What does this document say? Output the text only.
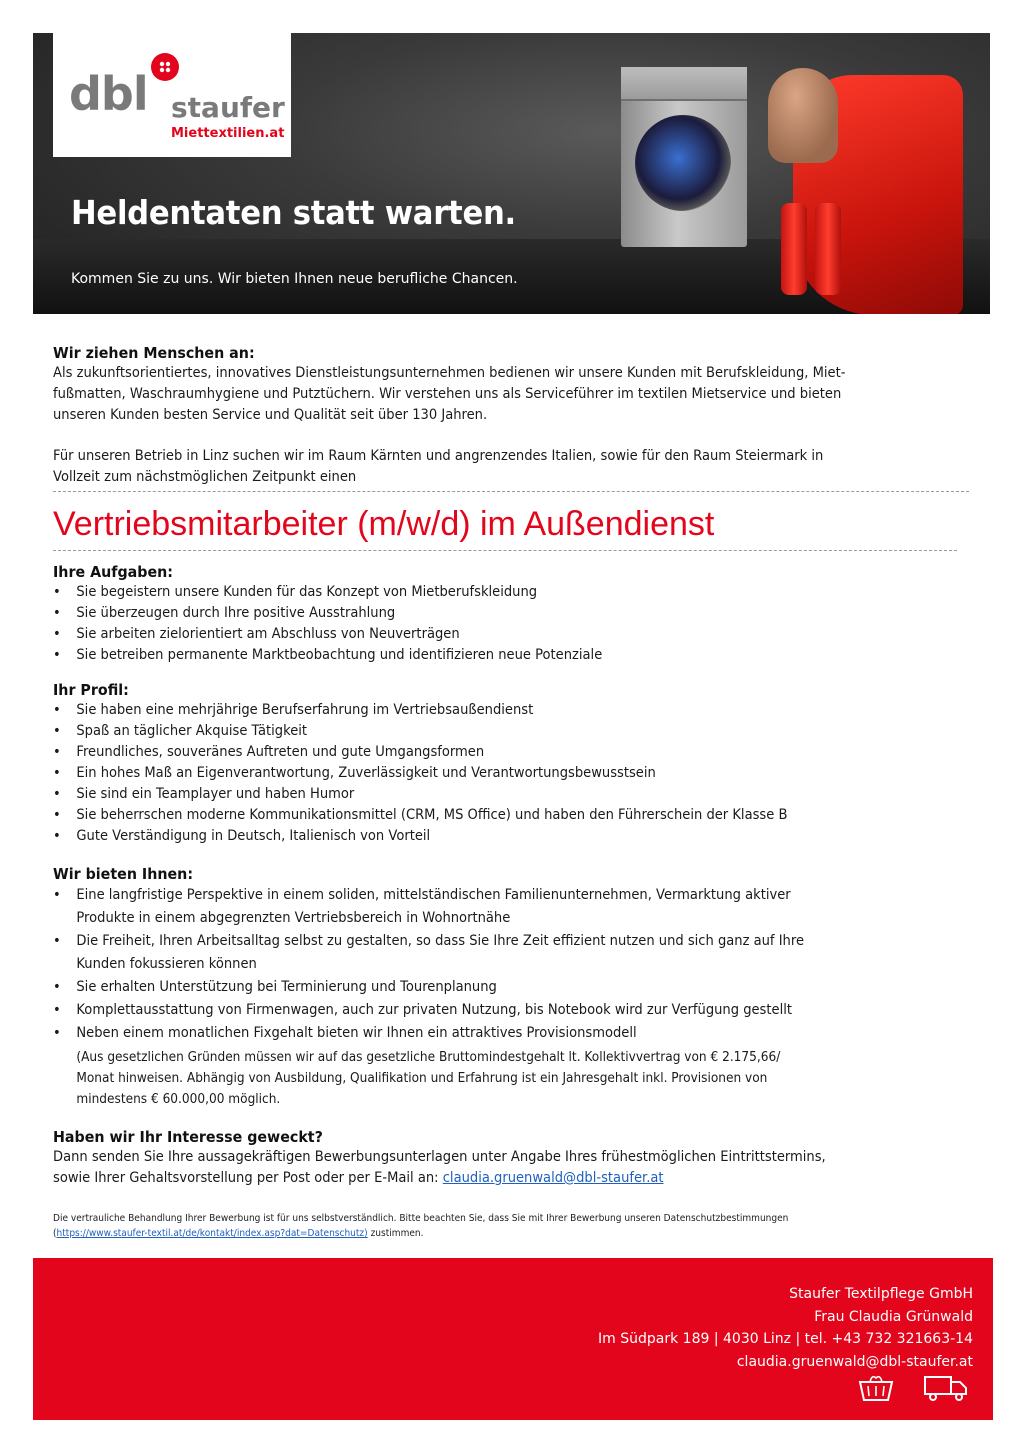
dbl staufer
Miettextilien.at
Heldentaten statt warten.
Kommen Sie zu uns. Wir bieten Ihnen neue berufliche Chancen.

Wir ziehen Menschen an:

Als zukunftsorientiertes, innovatives Dienstleistungsunternehmen bedienen wir unsere Kunden mit Berufskleidung, Miet-

fußmatten, Waschraumhygiene und Putztüchern. Wir verstehen uns als Serviceführer im textilen Mietservice und bieten

unseren Kunden besten Service und Qualität seit über 130 Jahren.

Für unseren Betrieb in Linz suchen wir im Raum Kärnten und angrenzendes Italien, sowie für den Raum Steiermark in

Vollzeit zum nächstmöglichen Zeitpunkt einen

Vertriebsmitarbeiter (m/w/d) im Außendienst

Ihre Aufgaben:

• Sie begeistern unsere Kunden für das Konzept von Mietberufskleidung
• Sie überzeugen durch Ihre positive Ausstrahlung
• Sie arbeiten zielorientiert am Abschluss von Neuverträgen
• Sie betreiben permanente Marktbeobachtung und identifizieren neue Potenziale

Ihr Profil:

• Sie haben eine mehrjährige Berufserfahrung im Vertriebsaußendienst
• Spaß an täglicher Akquise Tätigkeit
• Freundliches, souveränes Auftreten und gute Umgangsformen
• Ein hohes Maß an Eigenverantwortung, Zuverlässigkeit und Verantwortungsbewusstsein
• Sie sind ein Teamplayer und haben Humor
• Sie beherrschen moderne Kommunikationsmittel (CRM, MS Office) und haben den Führerschein der Klasse B
• Gute Verständigung in Deutsch, Italienisch von Vorteil

Wir bieten Ihnen:

• Eine langfristige Perspektive in einem soliden, mittelständischen Familienunternehmen, Vermarktung aktiver
Produkte in einem abgegrenzten Vertriebsbereich in Wohnortnähe
• Die Freiheit, Ihren Arbeitsalltag selbst zu gestalten, so dass Sie Ihre Zeit effizient nutzen und sich ganz auf Ihre
Kunden fokussieren können
• Sie erhalten Unterstützung bei Terminierung und Tourenplanung
• Komplettausstattung von Firmenwagen, auch zur privaten Nutzung, bis Notebook wird zur Verfügung gestellt
• Neben einem monatlichen Fixgehalt bieten wir Ihnen ein attraktives Provisionsmodell

(Aus gesetzlichen Gründen müssen wir auf das gesetzliche Bruttomindestgehalt lt. Kollektivvertrag von € 2.175,66/

Monat hinweisen. Abhängig von Ausbildung, Qualifikation und Erfahrung ist ein Jahresgehalt inkl. Provisionen von

mindestens € 60.000,00 möglich.

Haben wir Ihr Interesse geweckt?

Dann senden Sie Ihre aussagekräftigen Bewerbungsunterlagen unter Angabe Ihres frühestmöglichen Eintrittstermins,

sowie Ihrer Gehaltsvorstellung per Post oder per E-Mail an: claudia.gruenwald@dbl-staufer.at

Die vertrauliche Behandlung Ihrer Bewerbung ist für uns selbstverständlich. Bitte beachten Sie, dass Sie mit Ihrer Bewerbung unseren Datenschutzbestimmungen

(https://www.staufer-textil.at/de/kontakt/index.asp?dat=Datenschutz) zustimmen.

Staufer Textilpflege GmbH
Frau Claudia Grünwald
Im Südpark 189 | 4030 Linz | tel. +43 732 321663-14
claudia.gruenwald@dbl-staufer.at
